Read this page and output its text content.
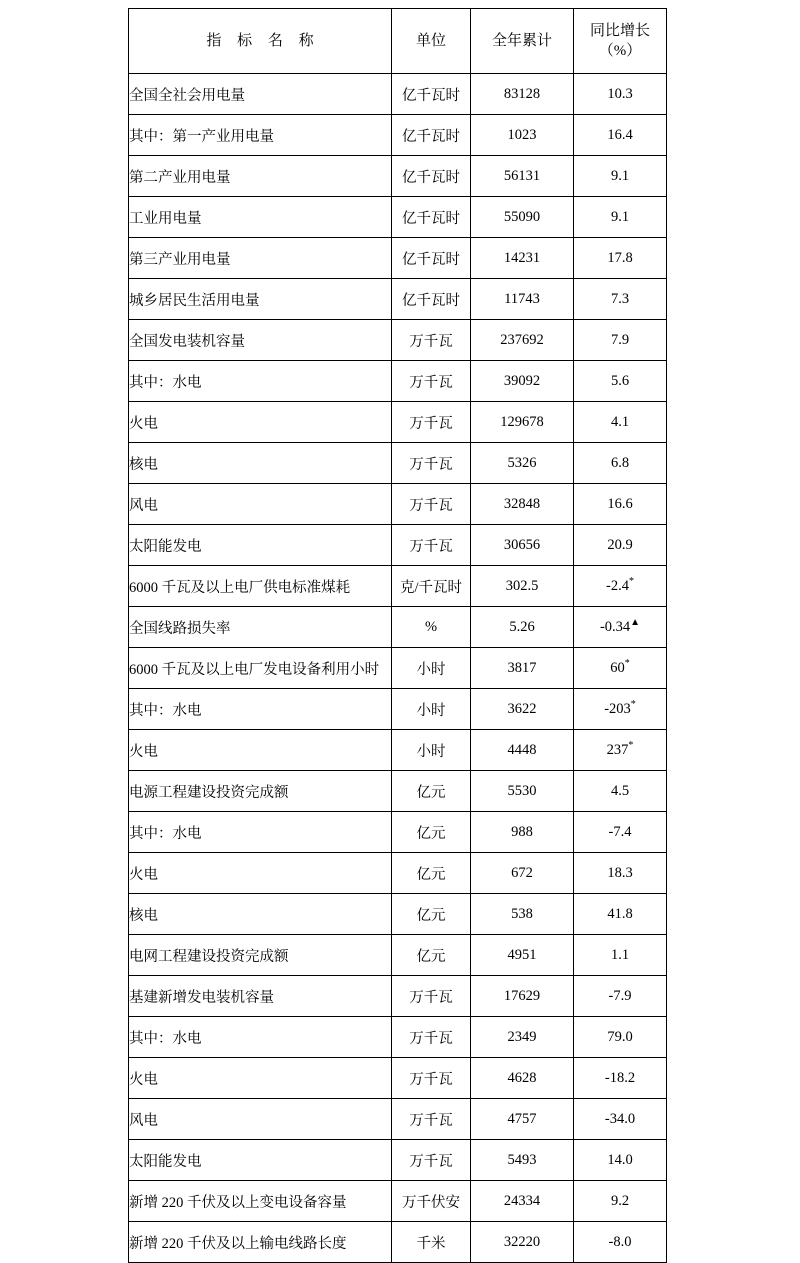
指 标 名 称	单位	全年累计	同比增长
（%）

全国全社会用电量	亿千瓦时	83128	10.3
其中：第一产业用电量	亿千瓦时	1023	16.4
第二产业用电量	亿千瓦时	56131	9.1
工业用电量	亿千瓦时	55090	9.1
第三产业用电量	亿千瓦时	14231	17.8
城乡居民生活用电量	亿千瓦时	11743	7.3
全国发电装机容量	万千瓦	237692	7.9
其中：水电	万千瓦	39092	5.6
火电	万千瓦	129678	4.1
核电	万千瓦	5326	6.8
风电	万千瓦	32848	16.6
太阳能发电	万千瓦	30656	20.9
6000 千瓦及以上电厂供电标准煤耗	克/千瓦时	302.5	-2.4*
全国线路损失率	%	5.26	-0.34▲
6000 千瓦及以上电厂发电设备利用小时	小时	3817	60*
其中：水电	小时	3622	-203*
火电	小时	4448	237*
电源工程建设投资完成额	亿元	5530	4.5
其中：水电	亿元	988	-7.4
火电	亿元	672	18.3
核电	亿元	538	41.8
电网工程建设投资完成额	亿元	4951	1.1
基建新增发电装机容量	万千瓦	17629	-7.9
其中：水电	万千瓦	2349	79.0
火电	万千瓦	4628	-18.2
风电	万千瓦	4757	-34.0
太阳能发电	万千瓦	5493	14.0
新增 220 千伏及以上变电设备容量	万千伏安	24334	9.2
新增 220 千伏及以上输电线路长度	千米	32220	-8.0
